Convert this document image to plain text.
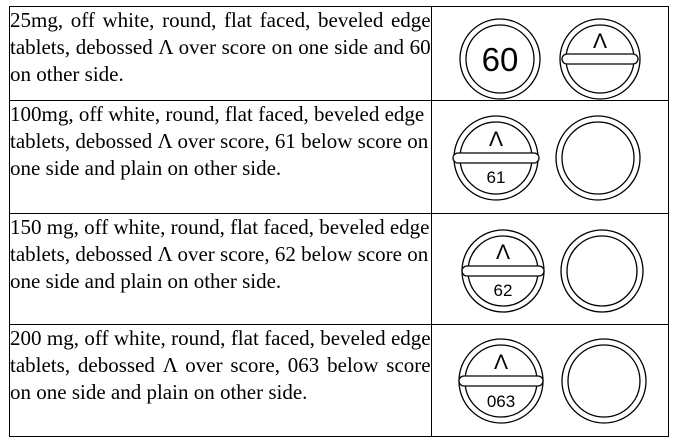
25mg, off white, round, flat faced, beveled edge tablets, debossed Λ over score on one side and 60 on other side.	60 Λ

100mg, off white, round, flat faced, beveled edge tablets, debossed Λ over score, 61 below score on one side and plain on other side.	Λ
61

150 mg, off white, round, flat faced, beveled edge tablets, debossed Λ over score, 62 below score on one side and plain on other side.	Λ
62

200 mg, off white, round, flat faced, beveled edge tablets, debossed Λ over score, 063 below score on one side and plain on other side.	Λ
063
